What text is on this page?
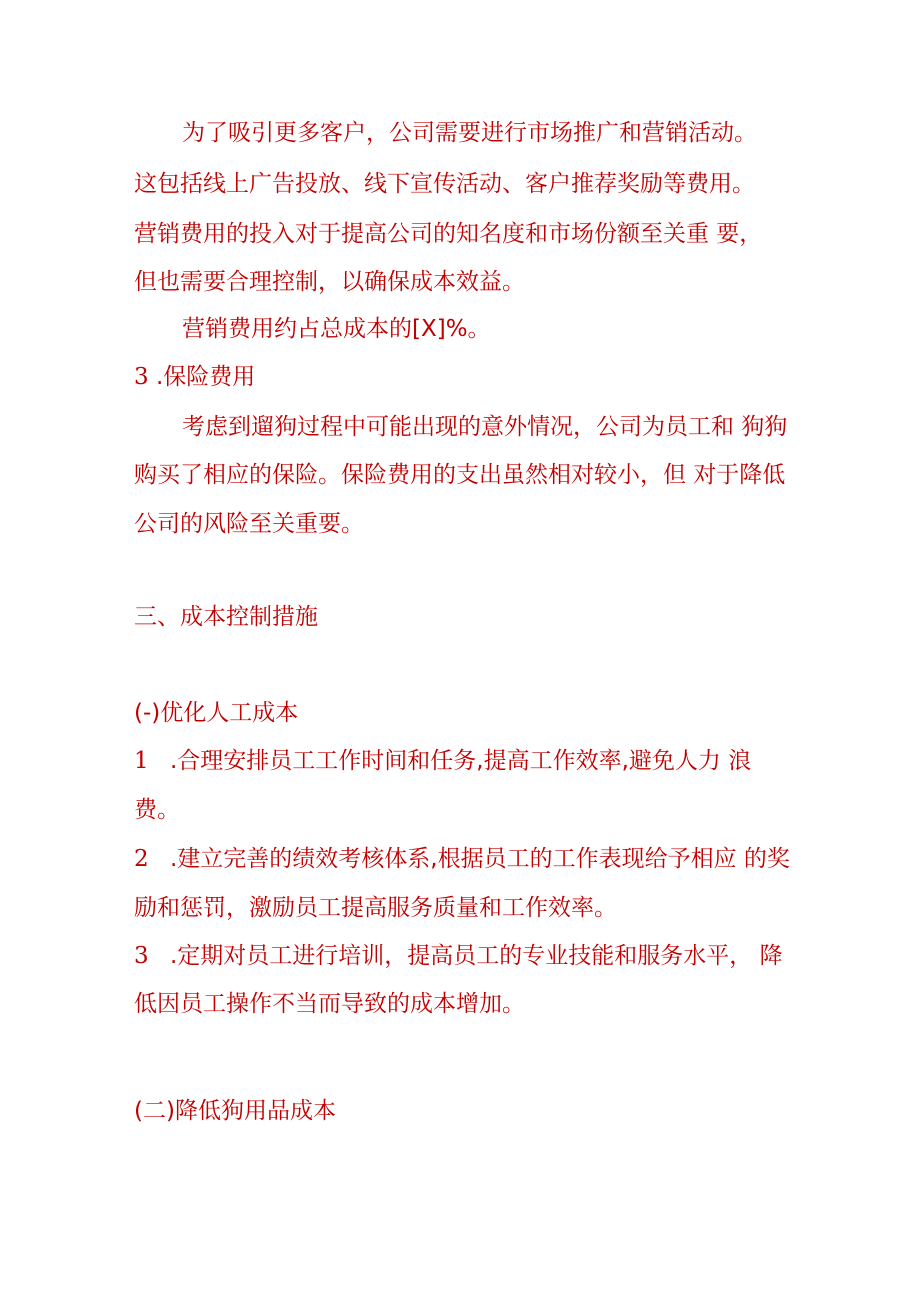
为了吸引更多客户，公司需要进行市场推广和营销活动。
这包括线上广告投放、线下宣传活动、客户推荐奖励等费用。
营销费用的投入对于提高公司的知名度和市场份额至关重 要，
但也需要合理控制，以确保成本效益。
营销费用约占总成本的[X]%。
3 .保险费用
考虑到遛狗过程中可能出现的意外情况，公司为员工和 狗狗
购买了相应的保险。保险费用的支出虽然相对较小，但 对于降低
公司的风险至关重要。
三、成本控制措施
(-)优化人工成本
1 .合理安排员工工作时间和任务,提高工作效率,避免人力 浪
费。
2 .建立完善的绩效考核体系,根据员工的工作表现给予相应 的奖
励和惩罚，激励员工提高服务质量和工作效率。
3 .定期对员工进行培训，提高员工的专业技能和服务水平， 降
低因员工操作不当而导致的成本增加。
(二)降低狗用品成本
